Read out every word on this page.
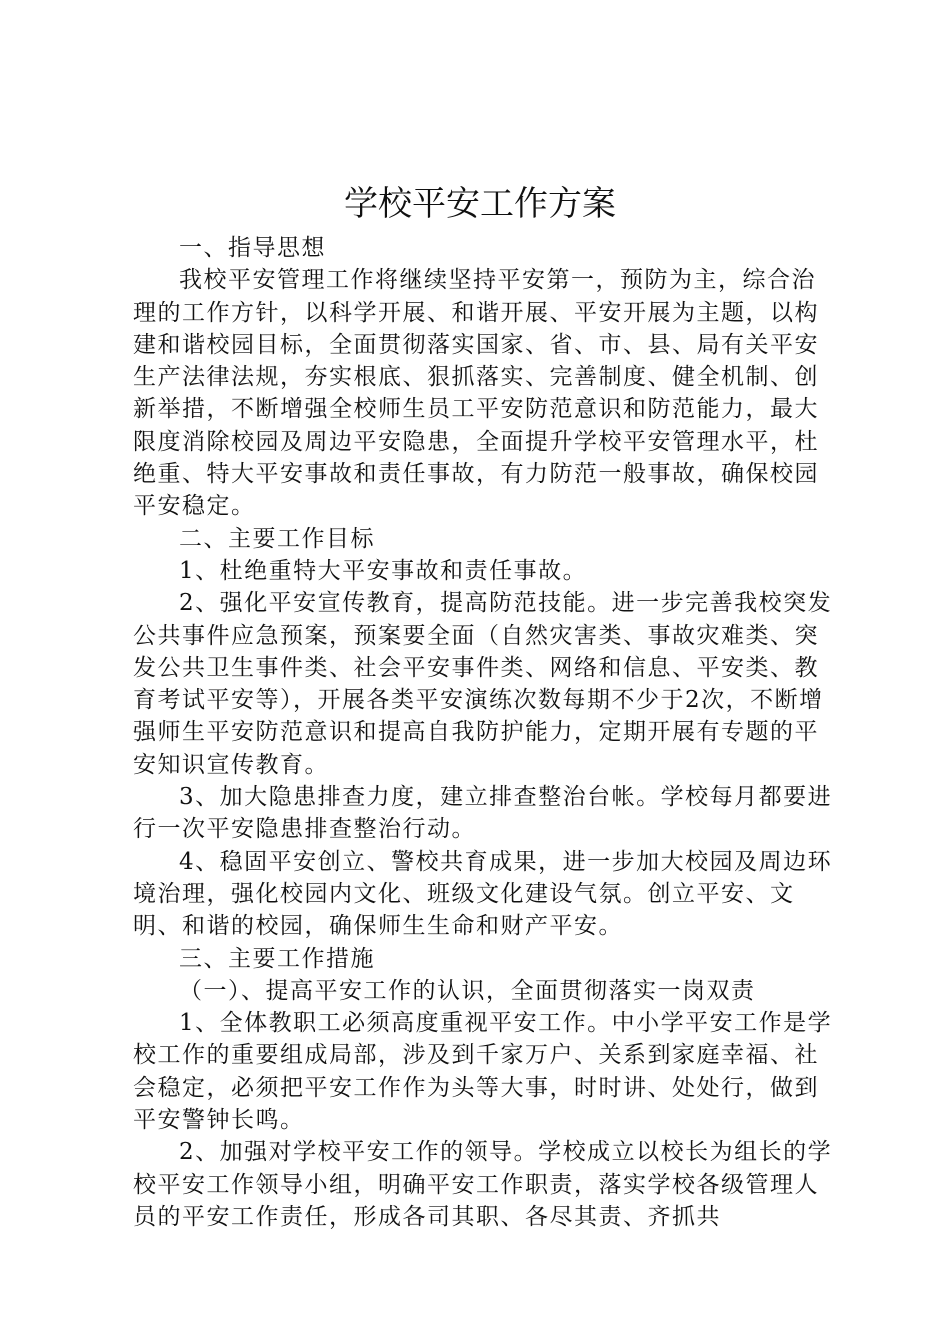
学校平安工作方案

一、指导思想

我校平安管理工作将继续坚持平安第一，预防为主，综合治理的工作方针，以科学开展、和谐开展、平安开展为主题，以构建和谐校园目标，全面贯彻落实国家、省、市、县、局有关平安生产法律法规，夯实根底、狠抓落实、完善制度、健全机制、创新举措，不断增强全校师生员工平安防范意识和防范能力，最大限度消除校园及周边平安隐患，全面提升学校平安管理水平，杜绝重、特大平安事故和责任事故，有力防范一般事故，确保校园平安稳定。

二、主要工作目标

1、杜绝重特大平安事故和责任事故。

2、强化平安宣传教育，提高防范技能。进一步完善我校突发公共事件应急预案，预案要全面（自然灾害类、事故灾难类、突发公共卫生事件类、社会平安事件类、网络和信息、平安类、教育考试平安等），开展各类平安演练次数每期不少于2次，不断增强师生平安防范意识和提高自我防护能力，定期开展有专题的平安知识宣传教育。

3、加大隐患排查力度，建立排查整治台帐。学校每月都要进行一次平安隐患排查整治行动。

4、稳固平安创立、警校共育成果，进一步加大校园及周边环境治理，强化校园内文化、班级文化建设气氛。创立平安、文明、和谐的校园，确保师生生命和财产平安。

三、主要工作措施

（一）、提高平安工作的认识，全面贯彻落实一岗双责

1、全体教职工必须高度重视平安工作。中小学平安工作是学校工作的重要组成局部，涉及到千家万户、关系到家庭幸福、社会稳定，必须把平安工作作为头等大事，时时讲、处处行，做到平安警钟长鸣。

2、加强对学校平安工作的领导。学校成立以校长为组长的学校平安工作领导小组，明确平安工作职责，落实学校各级管理人员的平安工作责任，形成各司其职、各尽其责、齐抓共
